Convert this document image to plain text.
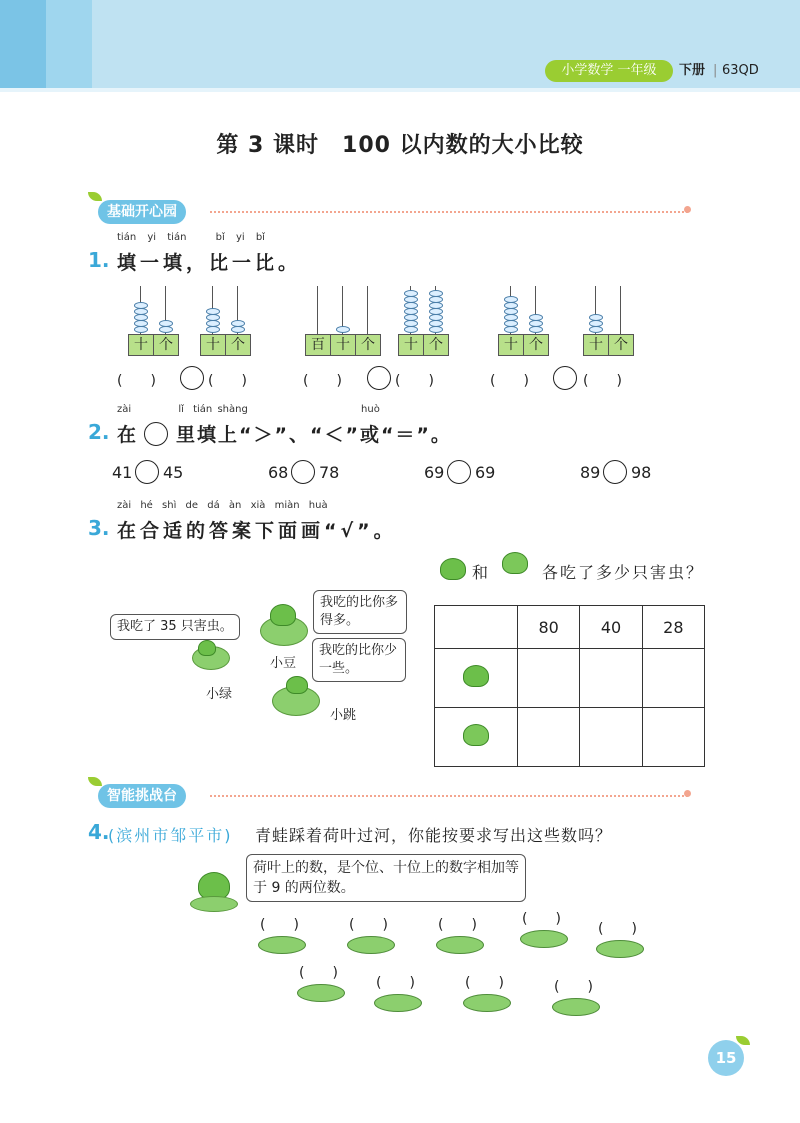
小学数学 一年级	下册 | 63QD
第 3 课时　100 以内数的大小比较
基础开心园
tián yi tián	bǐ yi bǐ
1. 填一填，比一比。
十 个	十 个	百 十 个	十 个	十 个	十 个
(　　)	(　　)	(　　)	(　　)	(　　)	(　　)
zài	lǐ tián shàng	huò
2. 在 里填上“＞”、“＜”或“＝”。
41 45	68 78	69 69	89 98
zài hé shì de dá àn xià miàn huà
3. 在合适的答案下面画“√”。
和	各吃了多少只害虫？
我吃了 35 只害虫。
小绿
小豆
我吃的比你多得多。
我吃的比你少一些。
小跳
	80	40	28

智能挑战台
4.
(滨州市邹平市) 青蛙踩着荷叶过河，你能按要求写出这些数吗？
荷叶上的数，是个位、十位上的数字相加等于 9 的两位数。
(　　)	(　　)	(　　)	(　　)
(　　)
(　　)
(　　)	(　　)	(　　)
15
